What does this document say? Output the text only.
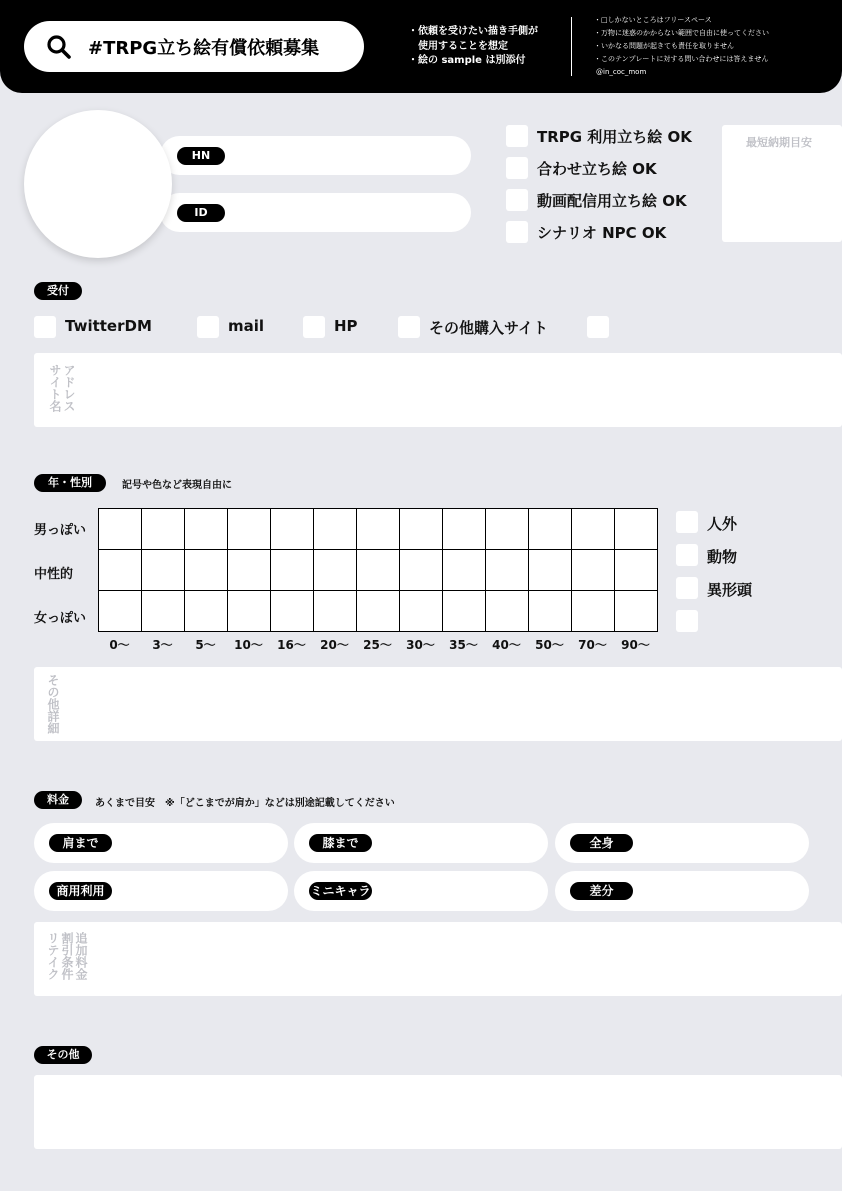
#TRPG立ち絵有償依頼募集
・依頼を受けたい描き手側が
　使用することを想定
・絵の sample は別添付
・□しかないところはフリースペース
・万物に迷惑のかからない範囲で自由に使ってください
・いかなる問題が起きても責任を取りません
・このテンプレートに対する問い合わせには答えません
@in_coc_mom
HN
ID
TRPG 利用立ち絵 OK
合わせ立ち絵 OK
動画配信用立ち絵 OK
シナリオ NPC OK
最短納期目安
受付
TwitterDM	mail	HP	その他購入サイト
アドレス
サイト名
年・性別	記号や色など表現自由に
男っぽい
中性的
女っぽい

0〜	3〜	5〜	10〜	16〜	20〜	25〜	30〜	35〜	40〜	50〜	70〜	90〜
人外
動物
異形頭
その他詳細
料金	あくまで目安　※「どこまでが肩か」などは別途記載してください
肩まで	膝まで	全身
商用利用	ミニキャラ	差分
追加料金
割引条件
リテイク
その他
